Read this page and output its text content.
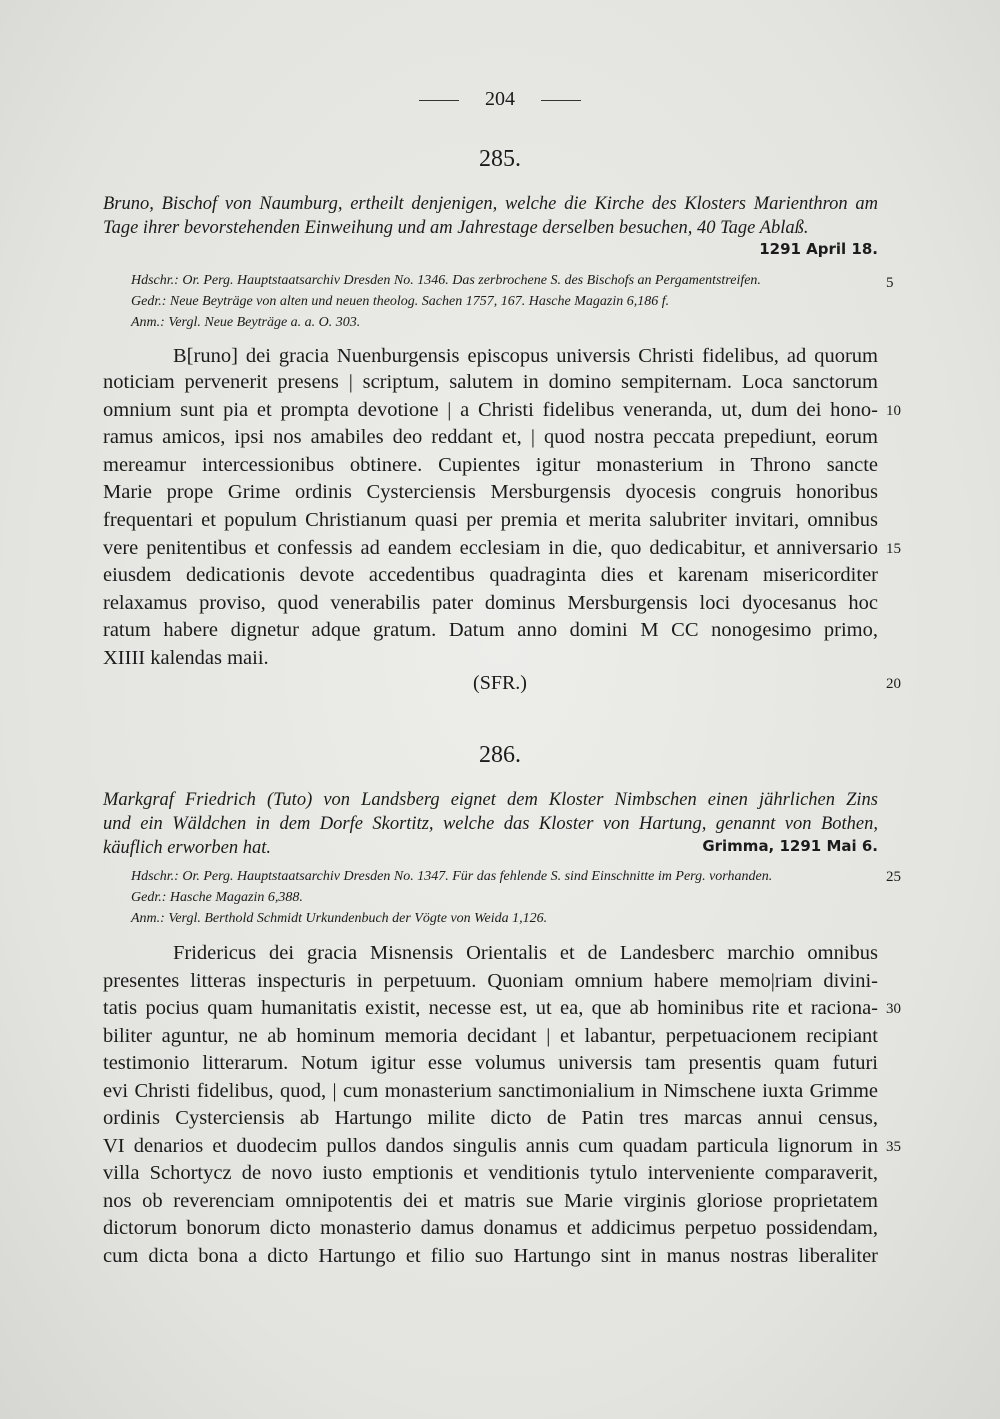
204
285.
Bruno, Bischof von Naumburg, ertheilt denjenigen, welche die Kirche des Klosters Marienthron am
Tage ihrer bevorstehenden Einweihung und am Jahrestage derselben besuchen, 40 Tage Ablaß.
1291 April 18.
Hdschr.: Or. Perg. Hauptstaatsarchiv Dresden No. 1346. Das zerbrochene S. des Bischofs an Pergamentstreifen.
Gedr.: Neue Beyträge von alten und neuen theolog. Sachen 1757, 167. Hasche Magazin 6,186 f.
Anm.: Vergl. Neue Beyträge a. a. O. 303.
B[runo] dei gracia Nuenburgensis episcopus universis Christi fidelibus, ad quorum
noticiam pervenerit presens | scriptum, salutem in domino sempiternam. Loca sanctorum
omnium sunt pia et prompta devotione | a Christi fidelibus veneranda, ut, dum dei hono-
ramus amicos, ipsi nos amabiles deo reddant et, | quod nostra peccata prepediunt, eorum
mereamur intercessionibus obtinere. Cupientes igitur monasterium in Throno sancte
Marie prope Grime ordinis Cysterciensis Mersburgensis dyocesis congruis honoribus
frequentari et populum Christianum quasi per premia et merita salubriter invitari, omnibus
vere penitentibus et confessis ad eandem ecclesiam in die, quo dedicabitur, et anniversario
eiusdem dedicationis devote accedentibus quadraginta dies et karenam misericorditer
relaxamus proviso, quod venerabilis pater dominus Mersburgensis loci dyocesanus hoc
ratum habere dignetur adque gratum. Datum anno domini M CC nonogesimo primo,
XIIII kalendas maii.
(SFR.)
286.
Markgraf Friedrich (Tuto) von Landsberg eignet dem Kloster Nimbschen einen jährlichen Zins
und ein Wäldchen in dem Dorfe Skortitz, welche das Kloster von Hartung, genannt von Bothen,
käuflich erworben hat.	Grimma, 1291 Mai 6.
Hdschr.: Or. Perg. Hauptstaatsarchiv Dresden No. 1347. Für das fehlende S. sind Einschnitte im Perg. vorhanden.
Gedr.: Hasche Magazin 6,388.
Anm.: Vergl. Berthold Schmidt Urkundenbuch der Vögte von Weida 1,126.
Fridericus dei gracia Misnensis Orientalis et de Landesberc marchio omnibus
presentes litteras inspecturis in perpetuum. Quoniam omnium habere memo|riam divini-
tatis pocius quam humanitatis existit, necesse est, ut ea, que ab hominibus rite et raciona-
biliter aguntur, ne ab hominum memoria decidant | et labantur, perpetuacionem recipiant
testimonio litterarum. Notum igitur esse volumus universis tam presentis quam futuri
evi Christi fidelibus, quod, | cum monasterium sanctimonialium in Nimschene iuxta Grimme
ordinis Cysterciensis ab Hartungo milite dicto de Patin tres marcas annui census,
VI denarios et duodecim pullos dandos singulis annis cum quadam particula lignorum in
villa Schortycz de novo iusto emptionis et venditionis tytulo interveniente comparaverit,
nos ob reverenciam omnipotentis dei et matris sue Marie virginis gloriose proprietatem
dictorum bonorum dicto monasterio damus donamus et addicimus perpetuo possidendam,
cum dicta bona a dicto Hartungo et filio suo Hartungo sint in manus nostras liberaliter
5
10
15
20
25
30
35
